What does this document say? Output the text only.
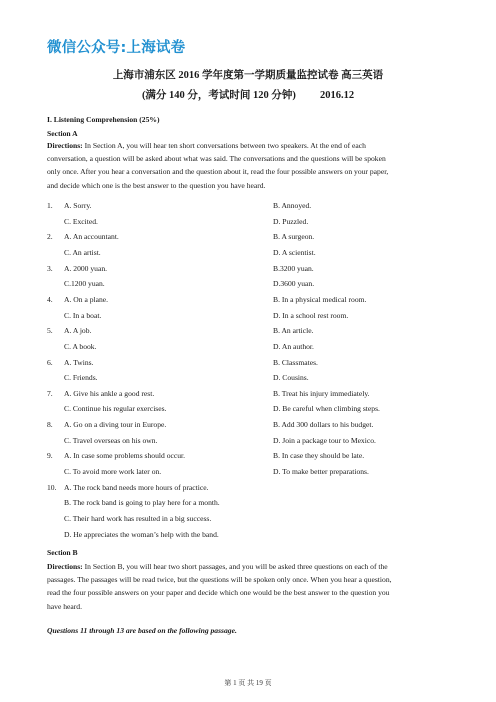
微信公众号:上海试卷
上海市浦东区 2016 学年度第一学期质量监控试卷 高三英语
(满分 140 分，考试时间 120 分钟) 2016.12
I. Listening Comprehension (25%)
Section A
Directions: In Section A, you will hear ten short conversations between two speakers. At the end of each
conversation, a question will be asked about what was said. The conversations and the questions will be spoken
only once. After you hear a conversation and the question about it, read the four possible answers on your paper,
and decide which one is the best answer to the question you have heard.
1. A. Sorry.	B. Annoyed.
C. Excited.	D. Puzzled.
2. A. An accountant.	B. A surgeon.
C. An artist.	D. A scientist.
3. A. 2000 yuan.	B.3200 yuan.
C.1200 yuan.	D.3600 yuan.
4. A. On a plane.	B. In a physical medical room.
C. In a boat.	D. In a school rest room.
5. A. A job.	B. An article.
C. A book.	D. An author.
6. A. Twins.	B. Classmates.
C. Friends.	D. Cousins.
7. A. Give his ankle a good rest.	B. Treat his injury immediately.
C. Continue his regular exercises.	D. Be careful when climbing steps.
8. A. Go on a diving tour in Europe.	B. Add 300 dollars to his budget.
C. Travel overseas on his own.	D. Join a package tour to Mexico.
9. A. In case some problems should occur.	B. In case they should be late.
C. To avoid more work later on.	D. To make better preparations.
10. A. The rock band needs more hours of practice.
B. The rock band is going to play here for a month.
C. Their hard work has resulted in a big success.
D. He appreciates the woman’s help with the band.
Section B
Directions: In Section B, you will hear two short passages, and you will be asked three questions on each of the
passages. The passages will be read twice, but the questions will be spoken only once. When you hear a question,
read the four possible answers on your paper and decide which one would be the best answer to the question you
have heard.
Questions 11 through 13 are based on the following passage.
第 1 页 共 19 页
